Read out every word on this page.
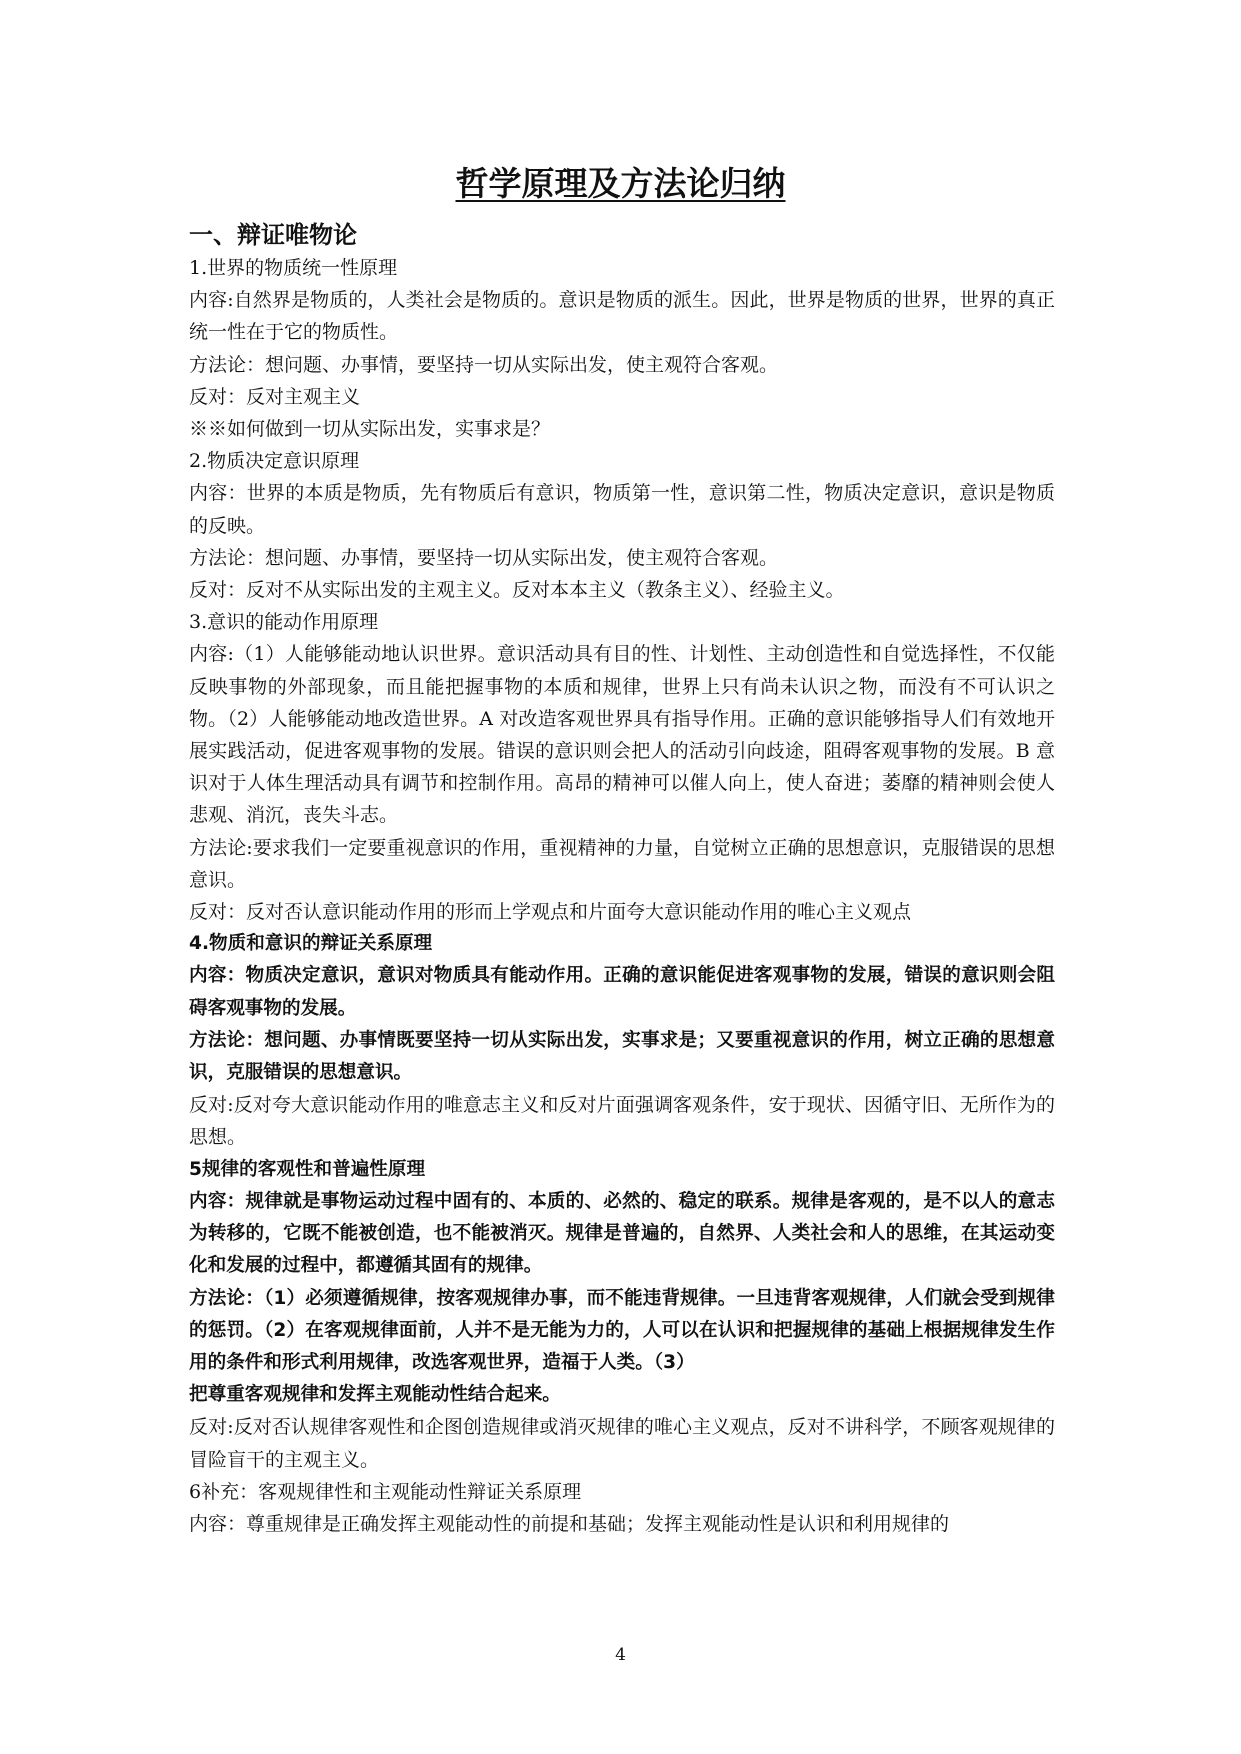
哲学原理及方法论归纳
一、辩证唯物论

1.世界的物质统一性原理

内容:自然界是物质的，人类社会是物质的。意识是物质的派生。因此，世界是物质的世界，世界的真正统一性在于它的物质性。

方法论：想问题、办事情，要坚持一切从实际出发，使主观符合客观。

反对：反对主观主义

※※如何做到一切从实际出发，实事求是？

2.物质决定意识原理

内容：世界的本质是物质，先有物质后有意识，物质第一性，意识第二性，物质决定意识，意识是物质的反映。

方法论：想问题、办事情，要坚持一切从实际出发，使主观符合客观。

反对：反对不从实际出发的主观主义。反对本本主义（教条主义）、经验主义。

3.意识的能动作用原理

内容:（1）人能够能动地认识世界。意识活动具有目的性、计划性、主动创造性和自觉选择性，不仅能反映事物的外部现象，而且能把握事物的本质和规律，世界上只有尚未认识之物，而没有不可认识之物。（2）人能够能动地改造世界。A 对改造客观世界具有指导作用。正确的意识能够指导人们有效地开展实践活动，促进客观事物的发展。错误的意识则会把人的活动引向歧途，阻碍客观事物的发展。B 意识对于人体生理活动具有调节和控制作用。高昂的精神可以催人向上，使人奋进；萎靡的精神则会使人悲观、消沉，丧失斗志。

方法论:要求我们一定要重视意识的作用，重视精神的力量，自觉树立正确的思想意识，克服错误的思想意识。

反对：反对否认意识能动作用的形而上学观点和片面夸大意识能动作用的唯心主义观点

4.物质和意识的辩证关系原理

内容：物质决定意识，意识对物质具有能动作用。正确的意识能促进客观事物的发展，错误的意识则会阻碍客观事物的发展。

方法论：想问题、办事情既要坚持一切从实际出发，实事求是；又要重视意识的作用，树立正确的思想意识，克服错误的思想意识。

反对:反对夸大意识能动作用的唯意志主义和反对片面强调客观条件，安于现状、因循守旧、无所作为的思想。

5规律的客观性和普遍性原理

内容：规律就是事物运动过程中固有的、本质的、必然的、稳定的联系。规律是客观的，是不以人的意志为转移的，它既不能被创造，也不能被消灭。规律是普遍的，自然界、人类社会和人的思维，在其运动变化和发展的过程中，都遵循其固有的规律。

方法论：（1）必须遵循规律，按客观规律办事，而不能违背规律。一旦违背客观规律，人们就会受到规律的惩罚。（2）在客观规律面前，人并不是无能为力的，人可以在认识和把握规律的基础上根据规律发生作用的条件和形式利用规律，改选客观世界，造福于人类。（3）

把尊重客观规律和发挥主观能动性结合起来。

反对:反对否认规律客观性和企图创造规律或消灭规律的唯心主义观点，反对不讲科学，不顾客观规律的冒险盲干的主观主义。

6补充：客观规律性和主观能动性辩证关系原理

内容：尊重规律是正确发挥主观能动性的前提和基础；发挥主观能动性是认识和利用规律的

4
